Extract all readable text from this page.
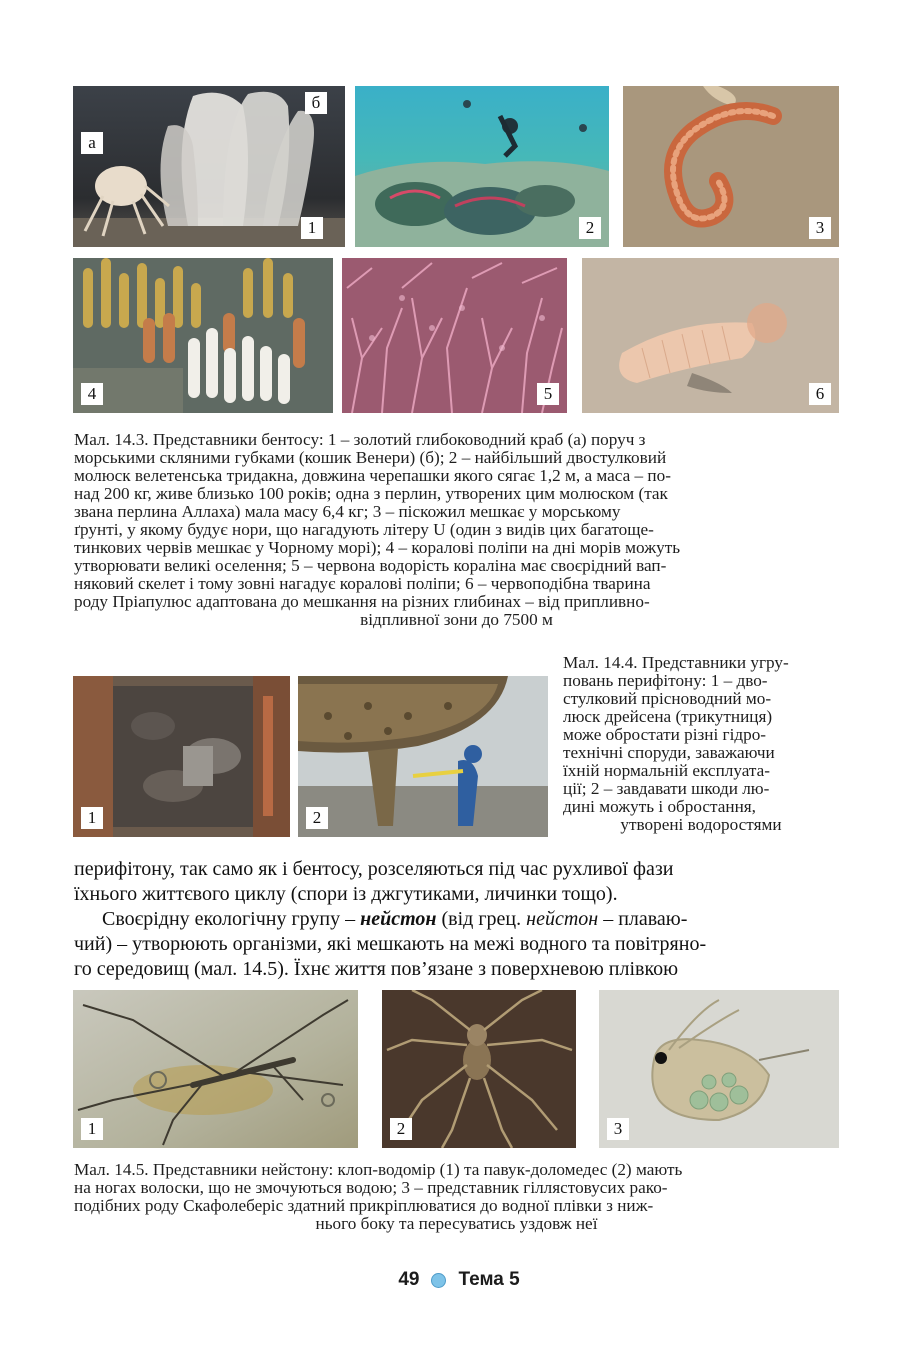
а
б
1	2	3
4	5	6
Мал. 14.3. Представники бентосу: 1 – золотий глибоководний краб (а) поруч з
морськими скляними губками (кошик Венери) (б); 2 – найбільший двостулковий
молюск велетенська тридакна, довжина черепашки якого сягає 1,2 м, а маса – по-
над 200 кг, живе близько 100 років; одна з перлин, утворених цим молюском (так
звана перлина Аллаха) мала масу 6,4 кг; 3 – піскожил мешкає у морському
ґрунті, у якому будує нори, що нагадують літеру U (один з видів цих багатоще-
тинкових червів мешкає у Чорному морі); 4 – коралові поліпи на дні морів можуть
утворювати великі оселення; 5 – червона водорість кораліна має своєрідний вап-
няковий скелет і тому зовні нагадує коралові поліпи; 6 – червоподібна тварина
роду Пріапулюс адаптована до мешкання на різних глибинах – від припливно-
відпливної зони до 7500 м
1	2
Мал. 14.4. Представники угру-
повань перифітону: 1 – дво-
стулковий прісноводний мо-
люск дрейсена (трикутниця)
може обростати різні гідро-
технічні споруди, заважаючи
їхній нормальній експлуата-
ції; 2 – завдавати шкоди лю-
дині можуть і обростання,
утворені водоростями
перифітону, так само як і бентосу, розселяються під час рухливої фази
їхнього життєвого циклу (спори із джгутиками, личинки тощо).
Своєрідну екологічну групу – нейстон (від грец. нейстон – плаваю-
чий) – утворюють організми, які мешкають на межі водного та повітряно-
го середовищ (мал. 14.5). Їхнє життя пов’язане з поверхневою плівкою
1	2	3
Мал. 14.5. Представники нейстону: клоп-водомір (1) та павук-доломедес (2) мають
на ногах волоски, що не змочуються водою; 3 – представник гіллястовусих рако-
подібних роду Скафолеберіс здатний прикріплюватися до водної плівки з ниж-
нього боку та пересуватись уздовж неї
49 Тема 5
